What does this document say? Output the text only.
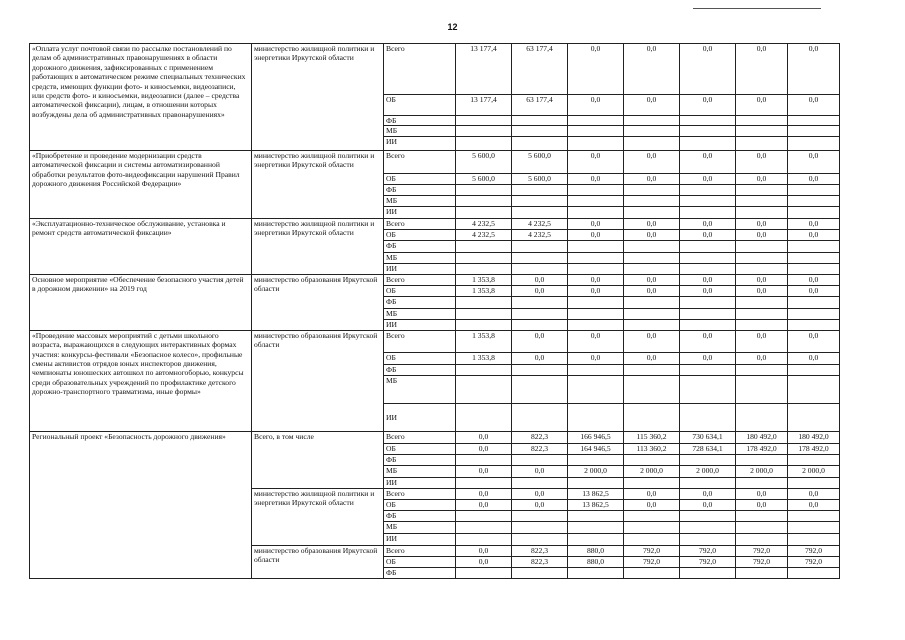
12
«Оплата услуг почтовой связи по рассылке постановлений по делам об административных правонарушениях в области дорожного движения, зафиксированных с применением работающих в автоматическом режиме специальных технических средств, имеющих функции фото- и киносъемки, видеозаписи, или средств фото- и киносъемки, видеозаписи (далее – средства автоматической фиксации), лицам, в отношении которых возбуждены дела об административных правонарушениях»	министерство жилищной политики и энергетики Иркутской области	Всего	13 177,4	63 177,4	0,0	0,0	0,0	0,0	0,0
		ОБ	13 177,4	63 177,4	0,0	0,0	0,0	0,0	0,0
		ФБ							
		МБ							
		ИИ							
«Приобретение и проведение модернизации средств автоматической фиксации и системы автоматизированной обработки результатов фото-видеофиксации нарушений Правил дорожного движения Российской Федерации»	министерство жилищной политики и энергетики Иркутской области	Всего	5 600,0	5 600,0	0,0	0,0	0,0	0,0	0,0
		ОБ	5 600,0	5 600,0	0,0	0,0	0,0	0,0	0,0
		ФБ							
		МБ							
		ИИ							
«Эксплуатационно-техническое обслуживание, установка и ремонт средств автоматической фиксации»	министерство жилищной политики и энергетики Иркутской области	Всего	4 232,5	4 232,5	0,0	0,0	0,0	0,0	0,0
		ОБ	4 232,5	4 232,5	0,0	0,0	0,0	0,0	0,0
		ФБ							
		МБ							
		ИИ							
Основное мероприятие «Обеспечение безопасного участия детей в дорожном движении» на 2019 год	министерство образования Иркутской области	Всего	1 353,8	0,0	0,0	0,0	0,0	0,0	0,0
		ОБ	1 353,8	0,0	0,0	0,0	0,0	0,0	0,0
		ФБ							
		МБ							
		ИИ							
«Проведение массовых мероприятий с детьми школьного возраста, выражающихся в следующих интерактивных формах участия: конкурсы-фестивали «Безопасное колесо», профильные смены активистов отрядов юных инспекторов движения, чемпионаты юношеских автошкол по автомногоборью, конкурсы среди образовательных учреждений по профилактике детского дорожно-транспортного травматизма, иные формы»	министерство образования Иркутской области	Всего	1 353,8	0,0	0,0	0,0	0,0	0,0	0,0
		ОБ	1 353,8	0,0	0,0	0,0	0,0	0,0	0,0
		ФБ							
		МБ							
		ИИ							
Региональный проект «Безопасность дорожного движения»	Всего, в том числе	Всего	0,0	822,3	166 946,5	115 360,2	730 634,1	180 492,0	180 492,0
		ОБ	0,0	822,3	164 946,5	113 360,2	728 634,1	178 492,0	178 492,0
		ФБ							
		МБ	0,0	0,0	2 000,0	2 000,0	2 000,0	2 000,0	2 000,0
		ИИ							
	министерство жилищной политики и энергетики Иркутской области	Всего	0,0	0,0	13 862,5	0,0	0,0	0,0	0,0
		ОБ	0,0	0,0	13 862,5	0,0	0,0	0,0	0,0
		ФБ							
		МБ							
		ИИ							
	министерство образования Иркутской области	Всего	0,0	822,3	880,0	792,0	792,0	792,0	792,0
		ОБ	0,0	822,3	880,0	792,0	792,0	792,0	792,0
		ФБ							
